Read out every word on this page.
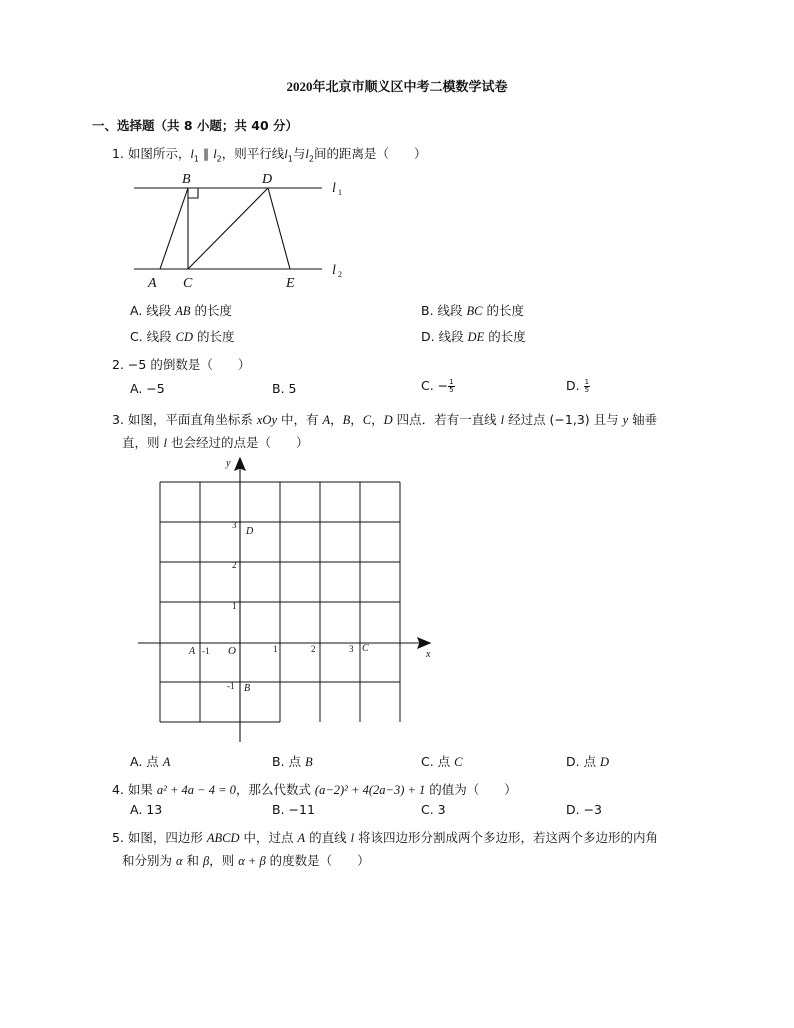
2020年北京市顺义区中考二模数学试卷
一、选择题（共 8 小题；共 40 分）
1. 如图所示，$l_1$ ∥ $l_2$，则平行线$l_1$与$l_2$间的距离是（　　）
B	D
A C	E
l
l
1
2
A. 线段 AB 的长度	B. 线段 BC 的长度
C. 线段 CD 的长度	D. 线段 DE 的长度
2. −5 的倒数是（　　）
A. −5	B. 5	C. − $\frac{1}{5}$	D. $\frac{1}{5}$
3. 如图，平面直角坐标系 xOy 中，有 A，B，C，D 四点．若有一直线 l 经过点 (−1,3) 且与 y 轴垂
直，则 l 也会经过的点是（　　）
y
x
O
A
B
C
D
-1	1	2	3
3
2
1
-1
A. 点 A	B. 点 B	C. 点 C	D. 点 D
4. 如果 a² + 4a − 4 = 0，那么代数式 (a−2)² + 4(2a−3) + 1 的值为（　　）
A. 13	B. −11	C. 3	D. −3
5. 如图，四边形 ABCD 中，过点 A 的直线 l 将该四边形分割成两个多边形，若这两个多边形的内角
和分别为 α 和 β，则 α + β 的度数是（　　）
